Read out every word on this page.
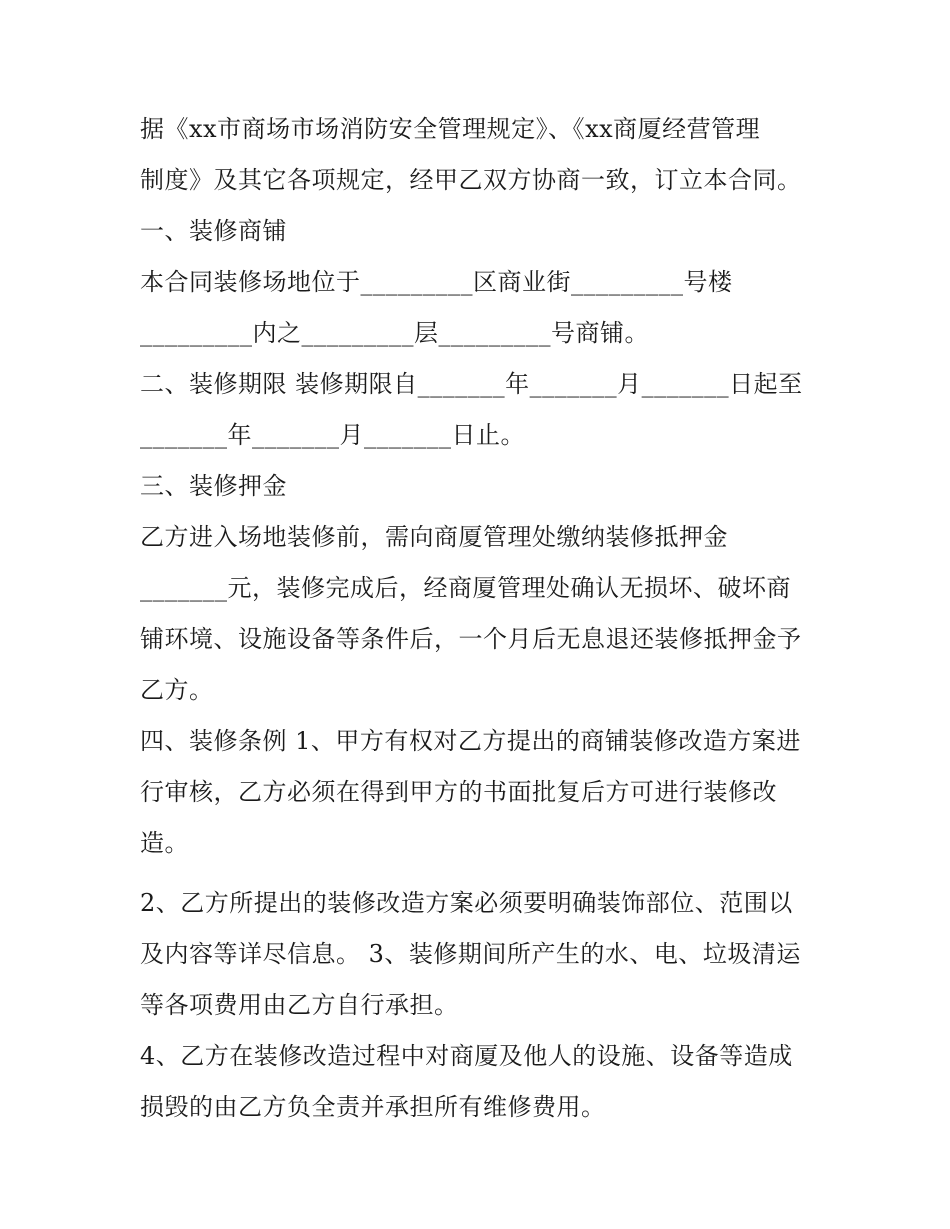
据《xx市商场市场消防安全管理规定》、《xx商厦经营管理
制度》及其它各项规定，经甲乙双方协商一致，订立本合同。
一、装修商铺
本合同装修场地位于_________区商业街_________号楼
_________内之_________层_________号商铺。
二、装修期限 装修期限自_______年_______月_______日起至
_______年_______月_______日止。
三、装修押金
乙方进入场地装修前，需向商厦管理处缴纳装修抵押金
_______元，装修完成后，经商厦管理处确认无损坏、破坏商
铺环境、设施设备等条件后，一个月后无息退还装修抵押金予
乙方。
四、装修条例 1、甲方有权对乙方提出的商铺装修改造方案进
行审核，乙方必须在得到甲方的书面批复后方可进行装修改
造。
2、乙方所提出的装修改造方案必须要明确装饰部位、范围以
及内容等详尽信息。 3、装修期间所产生的水、电、垃圾清运
等各项费用由乙方自行承担。
4、乙方在装修改造过程中对商厦及他人的设施、设备等造成
损毁的由乙方负全责并承担所有维修费用。
